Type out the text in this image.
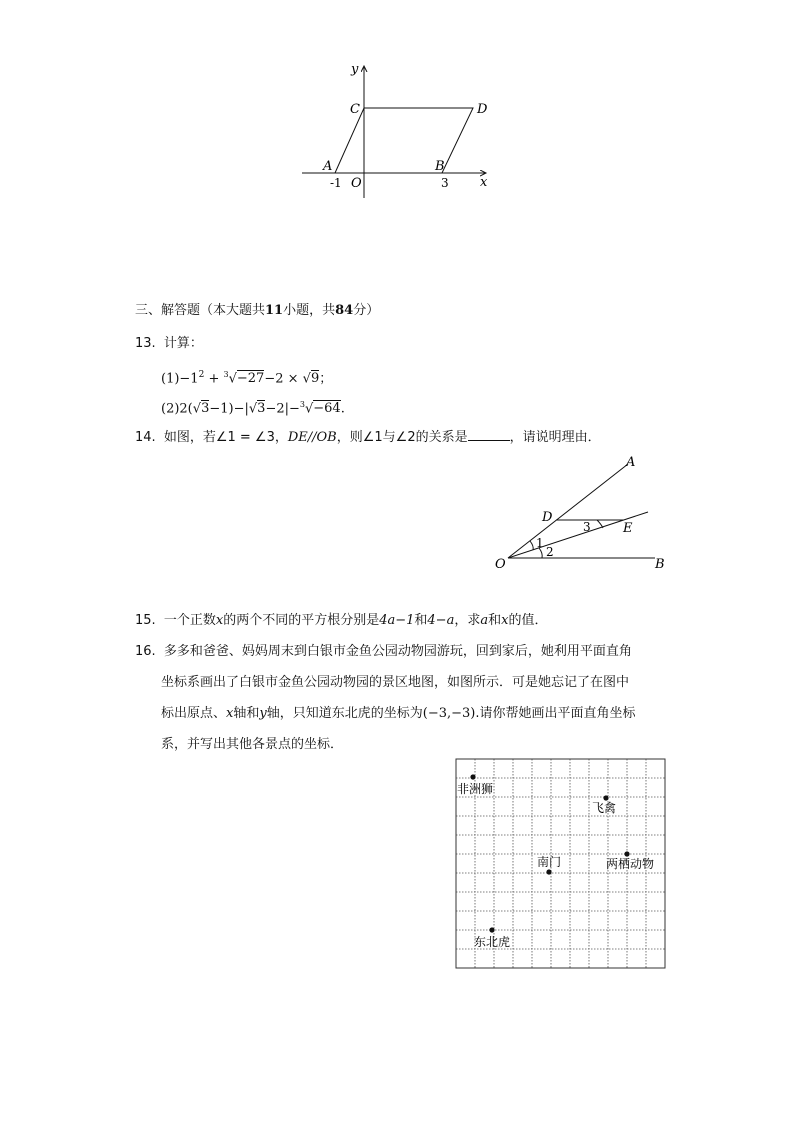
y
x
C	D
A	B
O
-1	3
三、解答题（本大题共11小题，共84分）
13. 计算：
$(1)-1^2 + ^3√-27-2 \times √9$；
(2)2(√3−1)−|√3−2|−$^3$√−64.
14. 如图，若∠1 = ∠3，DE//OB，则∠1与∠2的关系是	，请说明理由．
A
D
E
O	B
1
2
3
15. 一个正数x的两个不同的平方根分别是4a−1和4−a，求a和x的值．
16. 多多和爸爸、妈妈周末到白银市金鱼公园动物园游玩，回到家后，她利用平面直角
坐标系画出了白银市金鱼公园动物园的景区地图，如图所示．可是她忘记了在图中
标出原点、x轴和y轴，只知道东北虎的坐标为(−3,−3).请你帮她画出平面直角坐标
系，并写出其他各景点的坐标．
非洲狮
飞禽
南门	两栖动物
东北虎
